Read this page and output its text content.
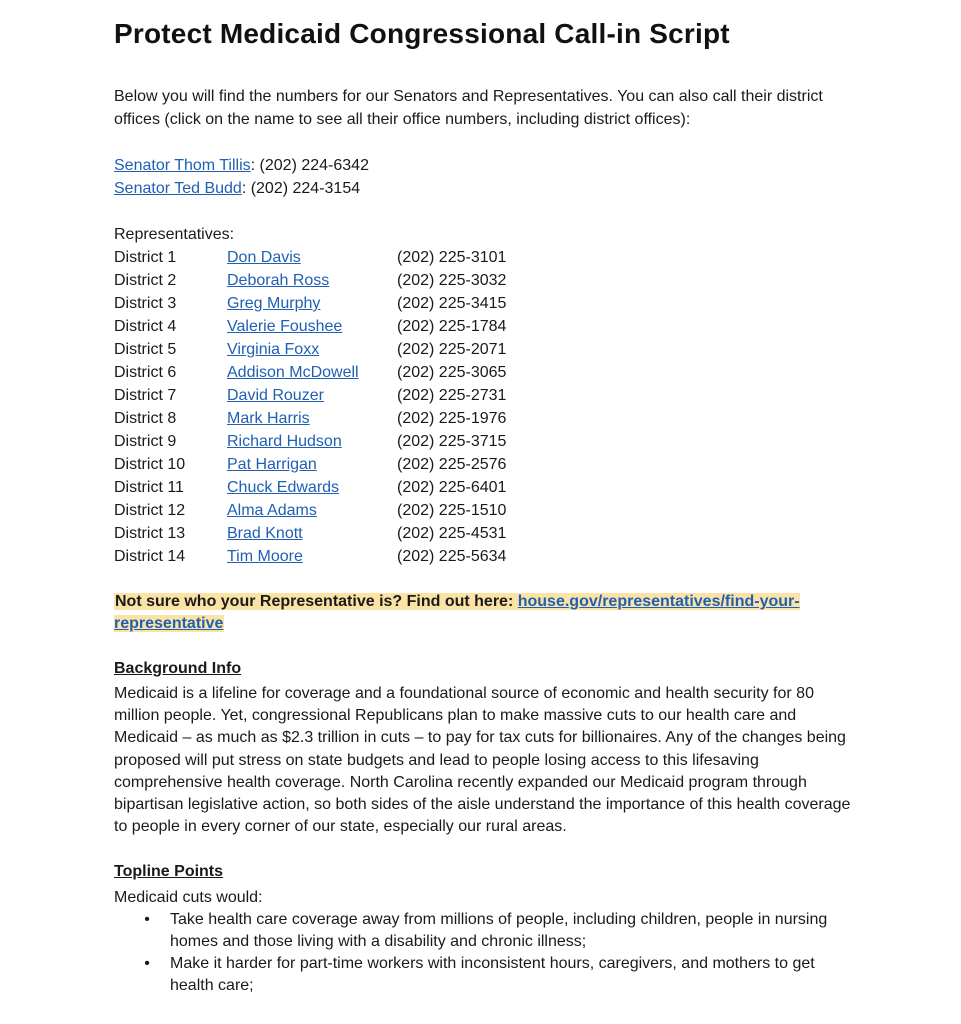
Protect Medicaid Congressional Call-in Script
Below you will find the numbers for our Senators and Representatives. You can also call their district offices (click on the name to see all their office numbers, including district offices):
Senator Thom Tillis: (202) 224-6342
Senator Ted Budd: (202) 224-3154
Representatives:
District 1	Don Davis	(202) 225-3101
District 2	Deborah Ross	(202) 225-3032
District 3	Greg Murphy	(202) 225-3415
District 4	Valerie Foushee	(202) 225-1784
District 5	Virginia Foxx	(202) 225-2071
District 6	Addison McDowell	(202) 225-3065
District 7	David Rouzer	(202) 225-2731
District 8	Mark Harris	(202) 225-1976
District 9	Richard Hudson	(202) 225-3715
District 10	Pat Harrigan	(202) 225-2576
District 11	Chuck Edwards	(202) 225-6401
District 12	Alma Adams	(202) 225-1510
District 13	Brad Knott	(202) 225-4531
District 14	Tim Moore	(202) 225-5634
Not sure who your Representative is? Find out here: house.gov/representatives/find-your-representative
Background Info
Medicaid is a lifeline for coverage and a foundational source of economic and health security for 80 million people. Yet, congressional Republicans plan to make massive cuts to our health care and Medicaid – as much as $2.3 trillion in cuts – to pay for tax cuts for billionaires. Any of the changes being proposed will put stress on state budgets and lead to people losing access to this lifesaving comprehensive health coverage. North Carolina recently expanded our Medicaid program through bipartisan legislative action, so both sides of the aisle understand the importance of this health coverage to people in every corner of our state, especially our rural areas.
Topline Points
Medicaid cuts would:
• Take health care coverage away from millions of people, including children, people in nursing homes and those living with a disability and chronic illness;
• Make it harder for part-time workers with inconsistent hours, caregivers, and mothers to get health care;
